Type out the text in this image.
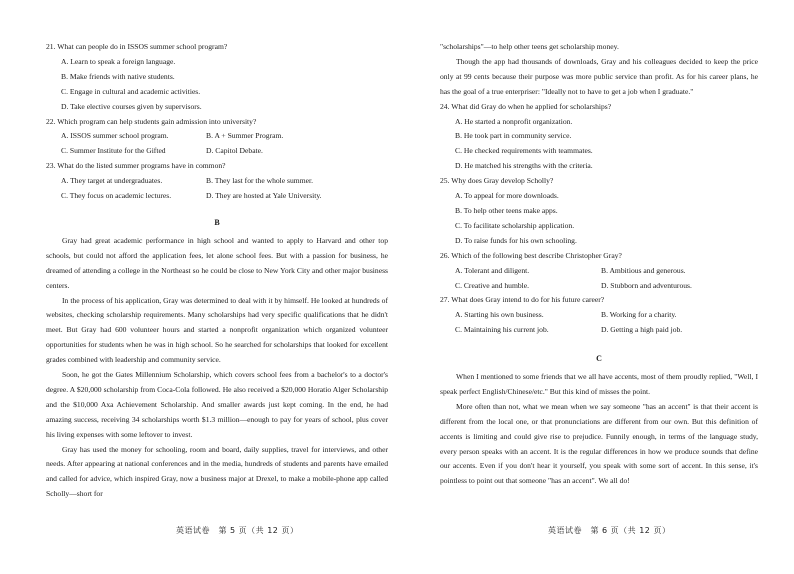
21. What can people do in ISSOS summer school program?

A. Learn to speak a foreign language.

B. Make friends with native students.

C. Engage in cultural and academic activities.

D. Take elective courses given by supervisors.

22. Which program can help students gain admission into university?

A. ISSOS summer school program.	B. A + Summer Program.
C. Summer Institute for the Gifted	D. Capitol Debate.

23. What do the listed summer programs have in common?

A. They target at undergraduates.	B. They last for the whole summer.
C. They focus on academic lectures.	D. They are hosted at Yale University.

B

Gray had great academic performance in high school and wanted to apply to Harvard and other top schools, but could not afford the application fees, let alone school fees. But with a passion for business, he dreamed of attending a college in the Northeast so he could be close to New York City and other major business centers.

In the process of his application, Gray was determined to deal with it by himself. He looked at hundreds of websites, checking scholarship requirements. Many scholarships had very specific qualifications that he didn't meet. But Gray had 600 volunteer hours and started a nonprofit organization which organized volunteer opportunities for students when he was in high school. So he searched for scholarships that looked for excellent grades combined with leadership and community service.

Soon, he got the Gates Millennium Scholarship, which covers school fees from a bachelor's to a doctor's degree. A $20,000 scholarship from Coca-Cola followed. He also received a $20,000 Horatio Alger Scholarship and the $10,000 Axa Achievement Scholarship. And smaller awards just kept coming. In the end, he had amazing success, receiving 34 scholarships worth $1.3 million—enough to pay for years of school, plus cover his living expenses with some leftover to invest.

Gray has used the money for schooling, room and board, daily supplies, travel for interviews, and other needs. After appearing at national conferences and in the media, hundreds of students and parents have emailed and called for advice, which inspired Gray, now a business major at Drexel, to make a mobile-phone app called Scholly—short for

"scholarships"—to help other teens get scholarship money.

Though the app had thousands of downloads, Gray and his colleagues decided to keep the price only at 99 cents because their purpose was more public service than profit. As for his career plans, he has the goal of a true enterpriser: "Ideally not to have to get a job when I graduate."

24. What did Gray do when he applied for scholarships?

A. He started a nonprofit organization.

B. He took part in community service.

C. He checked requirements with teammates.

D. He matched his strengths with the criteria.

25. Why does Gray develop Scholly?

A. To appeal for more downloads.

B. To help other teens make apps.

C. To facilitate scholarship application.

D. To raise funds for his own schooling.

26. Which of the following best describe Christopher Gray?

A. Tolerant and diligent.	B. Ambitious and generous.
C. Creative and humble.	D. Stubborn and adventurous.

27. What does Gray intend to do for his future career?

A. Starting his own business.	B. Working for a charity.
C. Maintaining his current job.	D. Getting a high paid job.

C

When I mentioned to some friends that we all have accents, most of them proudly replied, "Well, I speak perfect English/Chinese/etc." But this kind of misses the point.

More often than not, what we mean when we say someone "has an accent" is that their accent is different from the local one, or that pronunciations are different from our own. But this definition of accents is limiting and could give rise to prejudice. Funnily enough, in terms of the language study, every person speaks with an accent. It is the regular differences in how we produce sounds that define our accents. Even if you don't hear it yourself, you speak with some sort of accent. In this sense, it's pointless to point out that someone "has an accent". We all do!

英语试卷　第 5 页（共 12 页）	英语试卷　第 6 页（共 12 页）
